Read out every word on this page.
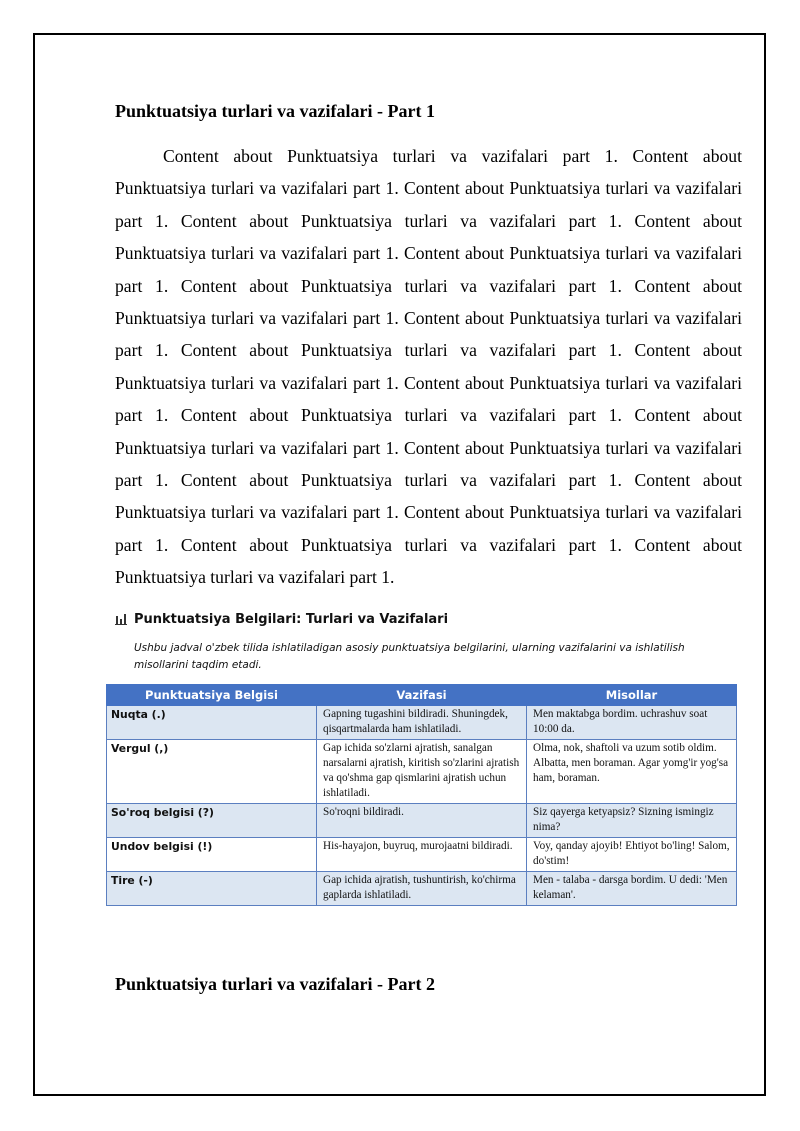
Punktuatsiya turlari va vazifalari - Part 1

Content about Punktuatsiya turlari va vazifalari part 1. Content about Punktuatsiya turlari va vazifalari part 1. Content about Punktuatsiya turlari va vazifalari part 1. Content about Punktuatsiya turlari va vazifalari part 1. Content about Punktuatsiya turlari va vazifalari part 1. Content about Punktuatsiya turlari va vazifalari part 1. Content about Punktuatsiya turlari va vazifalari part 1. Content about Punktuatsiya turlari va vazifalari part 1. Content about Punktuatsiya turlari va vazifalari part 1. Content about Punktuatsiya turlari va vazifalari part 1. Content about Punktuatsiya turlari va vazifalari part 1. Content about Punktuatsiya turlari va vazifalari part 1. Content about Punktuatsiya turlari va vazifalari part 1. Content about Punktuatsiya turlari va vazifalari part 1. Content about Punktuatsiya turlari va vazifalari part 1. Content about Punktuatsiya turlari va vazifalari part 1. Content about Punktuatsiya turlari va vazifalari part 1. Content about Punktuatsiya turlari va vazifalari part 1. Content about Punktuatsiya turlari va vazifalari part 1. Content about Punktuatsiya turlari va vazifalari part 1.

Punktuatsiya Belgilari: Turlari va Vazifalari

Ushbu jadval o'zbek tilida ishlatiladigan asosiy punktuatsiya belgilarini, ularning vazifalarini va ishlatilish misollarini taqdim etadi.

Punktuatsiya Belgisi	Vazifasi	Misollar
Nuqta (.)	Gapning tugashini bildiradi. Shuningdek, qisqartmalarda ham ishlatiladi.	Men maktabga bordim. uchrashuv soat 10:00 da.
Vergul (,)	Gap ichida so'zlarni ajratish, sanalgan narsalarni ajratish, kiritish so'zlarini ajratish va qo'shma gap qismlarini ajratish uchun ishlatiladi.	Olma, nok, shaftoli va uzum sotib oldim. Albatta, men boraman. Agar yomg'ir yog'sa ham, boraman.
So'roq belgisi (?)	So'roqni bildiradi.	Siz qayerga ketyapsiz? Sizning ismingiz nima?
Undov belgisi (!)	His-hayajon, buyruq, murojaatni bildiradi.	Voy, qanday ajoyib! Ehtiyot bo'ling! Salom, do'stim!
Tire (-)	Gap ichida ajratish, tushuntirish, ko'chirma gaplarda ishlatiladi.	Men - talaba - darsga bordim. U dedi: 'Men kelaman'.
Punktuatsiya turlari va vazifalari - Part 2
